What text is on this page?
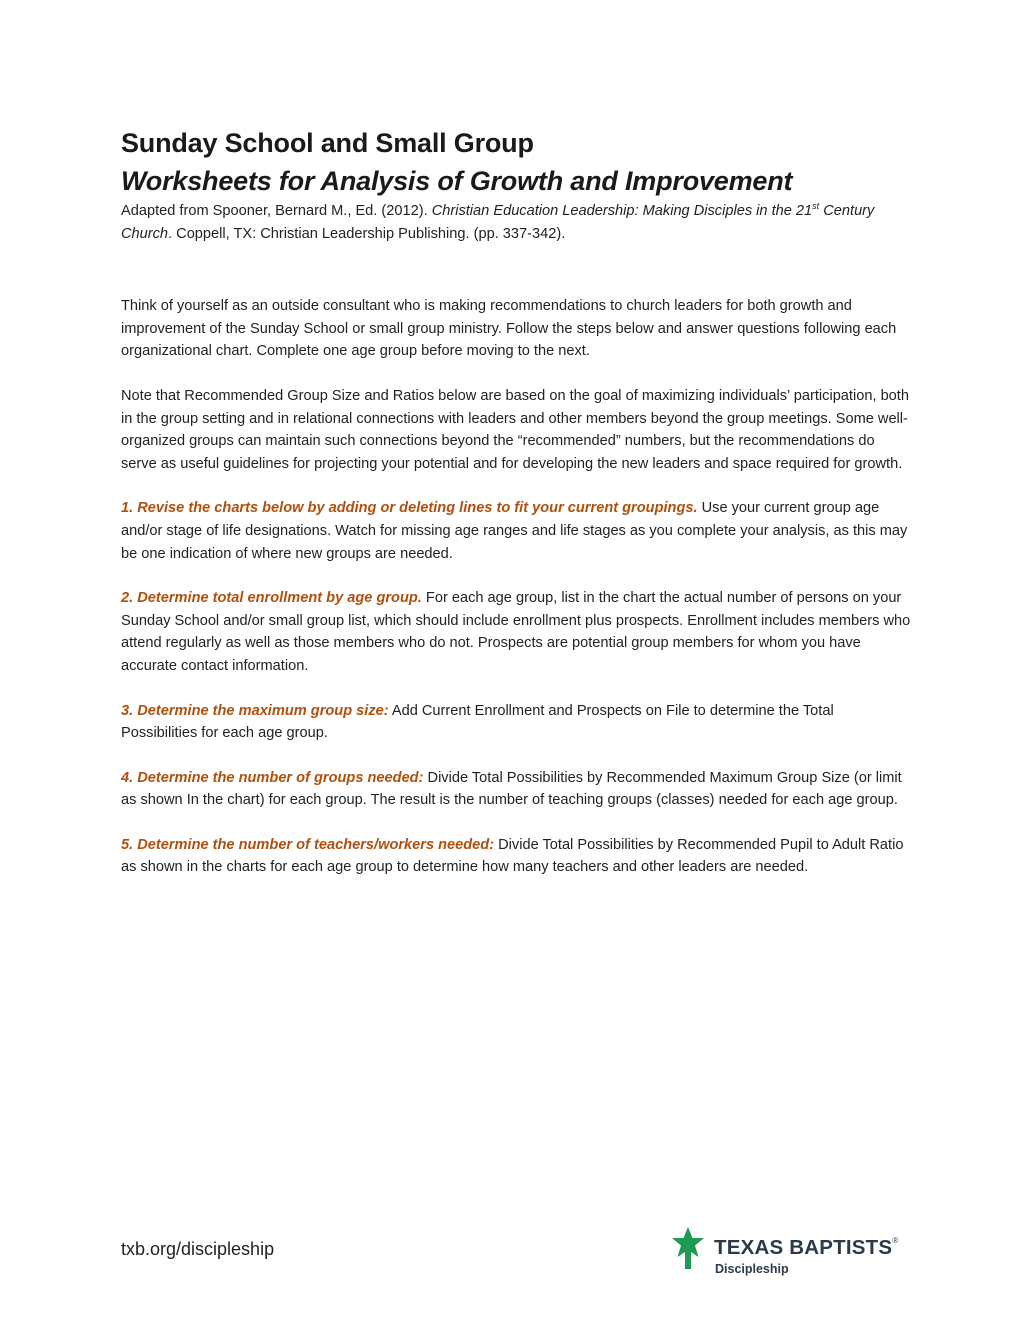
Sunday School and Small Group
Worksheets for Analysis of Growth and Improvement

Adapted from Spooner, Bernard M., Ed. (2012). Christian Education Leadership: Making Disciples in the 21st Century Church. Coppell, TX: Christian Leadership Publishing. (pp. 337-342).

Think of yourself as an outside consultant who is making recommendations to church leaders for both growth and improvement of the Sunday School or small group ministry. Follow the steps below and answer questions following each organizational chart. Complete one age group before moving to the next.

Note that Recommended Group Size and Ratios below are based on the goal of maximizing individuals’ participation, both in the group setting and in relational connections with leaders and other members beyond the group meetings. Some well-organized groups can maintain such connections beyond the “recommended” numbers, but the recommendations do serve as useful guidelines for projecting your potential and for developing the new leaders and space required for growth.

1. Revise the charts below by adding or deleting lines to fit your current groupings. Use your current group age and/or stage of life designations. Watch for missing age ranges and life stages as you complete your analysis, as this may be one indication of where new groups are needed.

2. Determine total enrollment by age group. For each age group, list in the chart the actual number of persons on your Sunday School and/or small group list, which should include enrollment plus prospects. Enrollment includes members who attend regularly as well as those members who do not. Prospects are potential group members for whom you have accurate contact information.

3. Determine the maximum group size: Add Current Enrollment and Prospects on File to determine the Total Possibilities for each age group.

4. Determine the number of groups needed: Divide Total Possibilities by Recommended Maximum Group Size (or limit as shown In the chart) for each group. The result is the number of teaching groups (classes) needed for each age group.

5. Determine the number of teachers/workers needed: Divide Total Possibilities by Recommended Pupil to Adult Ratio as shown in the charts for each age group to determine how many teachers and other leaders are needed.

txb.org/discipleship	TEXAS BAPTISTS®
Discipleship
